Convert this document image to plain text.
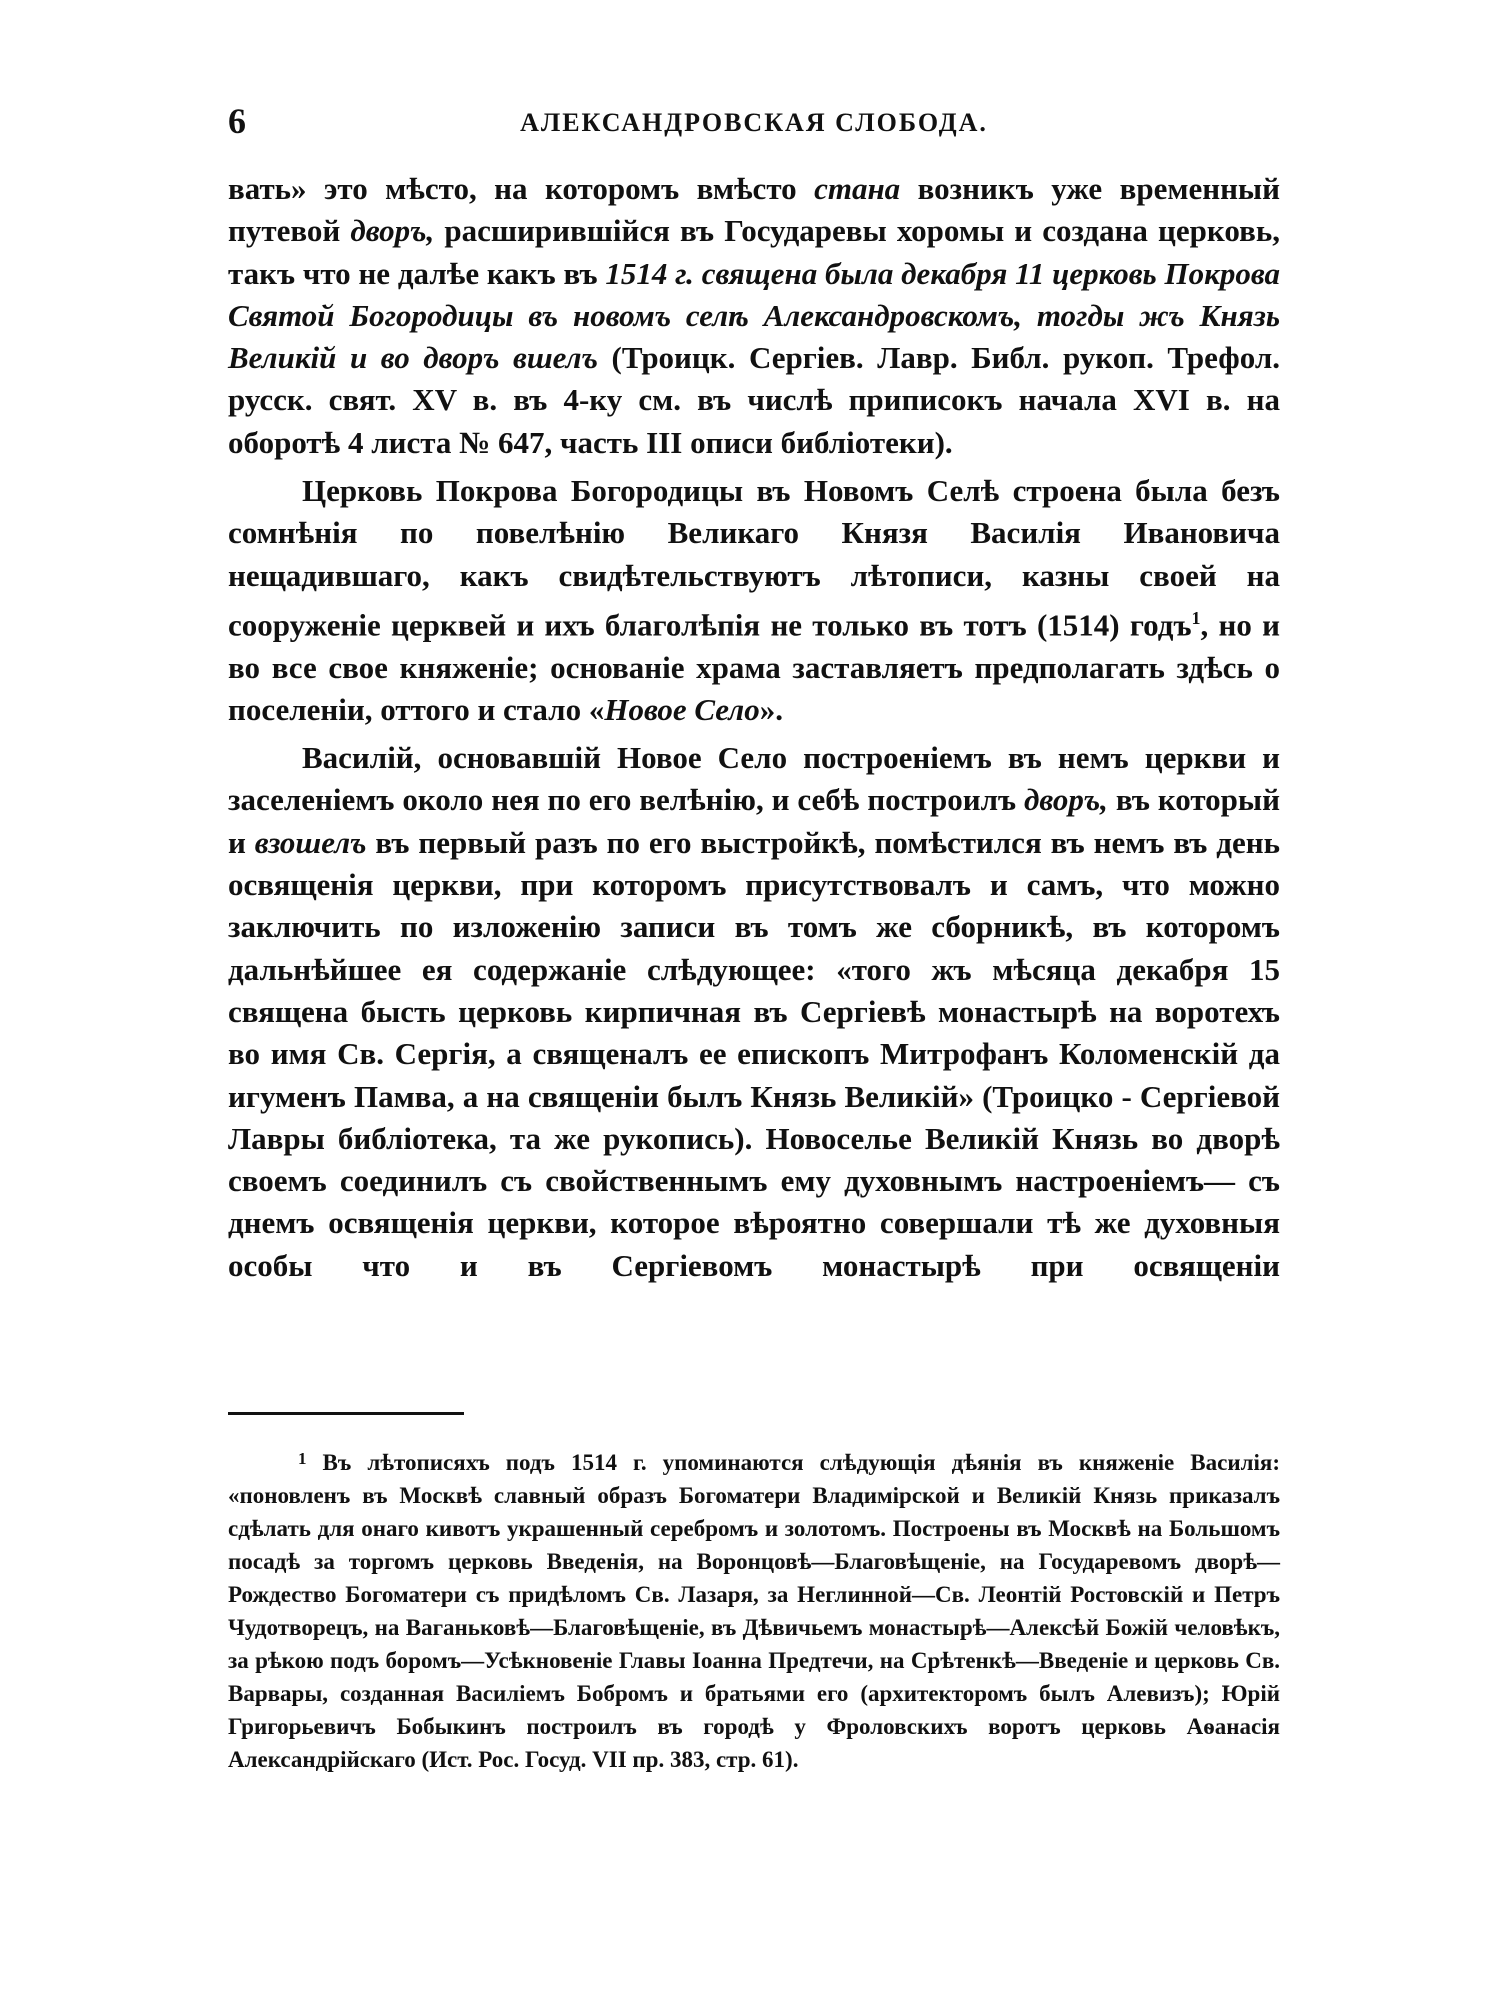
6	АЛЕКСАНДРОВСКАЯ СЛОБОДА.

вать» это мѣсто, на которомъ вмѣсто стана возникъ уже временный путевой дворъ, расширившійся въ Государевы хоромы и создана церковь, такъ что не далѣе какъ въ 1514 г. священа была декабря 11 церковь Покрова Святой Богородицы въ новомъ селѣ Александровскомъ, тогды жъ Князь Великій и во дворъ вшелъ (Троицк. Сергіев. Лавр. Библ. рукоп. Трефол. русск. свят. XV в. въ 4-ку см. въ числѣ приписокъ начала XVI в. на оборотѣ 4 листа № 647, часть III описи библіотеки).

Церковь Покрова Богородицы въ Новомъ Селѣ строена была безъ сомнѣнія по повелѣнію Великаго Князя Василія Ивановича нещадившаго, какъ свидѣтельствуютъ лѣтописи, казны своей на сооруженіе церквей и ихъ благолѣпія не только въ тотъ (1514) годъ$^1$, но и во все свое княженіе; основаніе храма заставляетъ предполагать здѣсь о поселеніи, оттого и стало «Новое Село».

Василій, основавшій Новое Село построеніемъ въ немъ церкви и заселеніемъ около нея по его велѣнію, и себѣ построилъ дворъ, въ который и взошелъ въ первый разъ по его выстройкѣ, помѣстился въ немъ въ день освященія церкви, при которомъ присутствовалъ и самъ, что можно заключить по изложенію записи въ томъ же сборникѣ, въ которомъ дальнѣйшее ея содержаніе слѣдующее: «того жъ мѣсяца декабря 15 священа бысть церковь кирпичная въ Сергіевѣ монастырѣ на воротехъ во имя Св. Сергія, а священалъ ее епископъ Митрофанъ Коломенскій да игуменъ Памва, а на священіи былъ Князь Великій» (Троицко - Сергіевой Лавры библіотека, та же рукопись). Новоселье Великій Князь во дворѣ своемъ соединилъ съ свойственнымъ ему духовнымъ настроеніемъ— съ днемъ освященія церкви, которое вѣроятно совершали тѣ же духовныя особы что и въ Сергіевомъ монастырѣ при освященіи

$^1$ Въ лѣтописяхъ подъ 1514 г. упоминаются слѣдующія дѣянія въ княженіе Василія: «поновленъ въ Москвѣ славный образъ Богоматери Владимірской и Великій Князь приказалъ сдѣлать для онаго кивотъ украшенный серебромъ и золотомъ. Построены въ Москвѣ на Большомъ посадѣ за торгомъ церковь Введенія, на Воронцовѣ—Благовѣщеніе, на Государевомъ дворѣ—Рождество Богоматери съ придѣломъ Св. Лазаря, за Неглинной—Св. Леонтій Ростовскій и Петръ Чудотворецъ, на Ваганьковѣ—Благовѣщеніе, въ Дѣвичьемъ монастырѣ—Алексѣй Божій человѣкъ, за рѣкою подъ боромъ—Усѣкновеніе Главы Іоанна Предтечи, на Срѣтенкѣ—Введеніе и церковь Св. Варвары, созданная Василіемъ Бобромъ и братьями его (архитекторомъ былъ Алевизъ); Юрій Григорьевичъ Бобыкинъ построилъ въ городѣ у Фроловскихъ воротъ церковь Аѳанасія Александрійскаго (Ист. Рос. Госуд. VII пр. 383, стр. 61).
